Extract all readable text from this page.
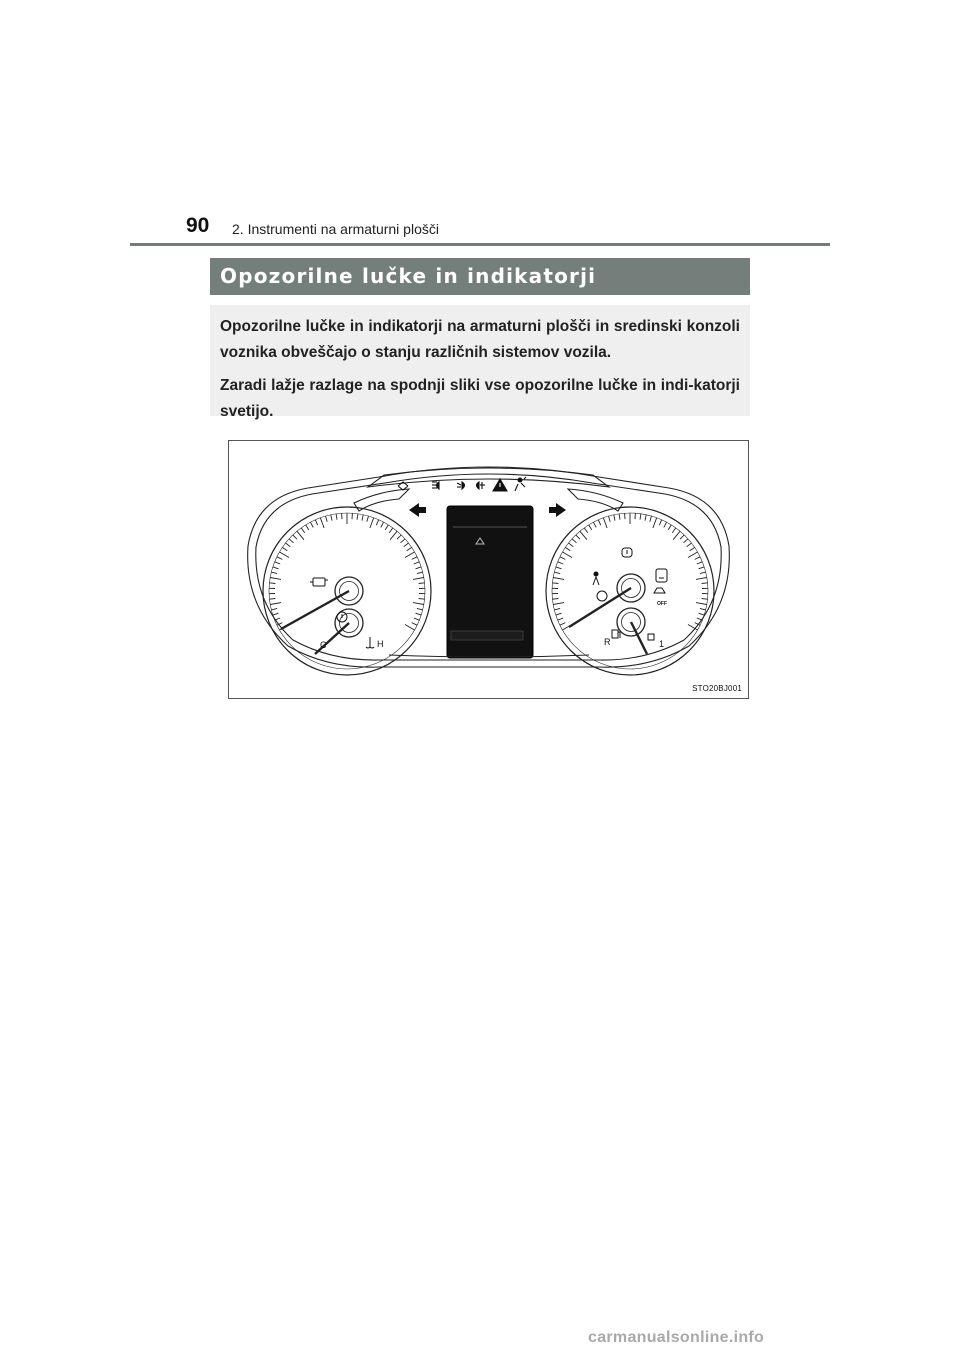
90 2. Instrumenti na armaturni plošči
Opozorilne lučke in indikatorji

Opozorilne lučke in indikatorji na armaturni plošči in sredinski konzoli voznika obveščajo o stanju različnih sistemov vozila.

Zaradi lažje razlage na spodnji sliki vse opozorilne lučke in indi-katorji svetijo.

C	H
OFF
R	1
STO20BJ001
carmanualsonline.info
